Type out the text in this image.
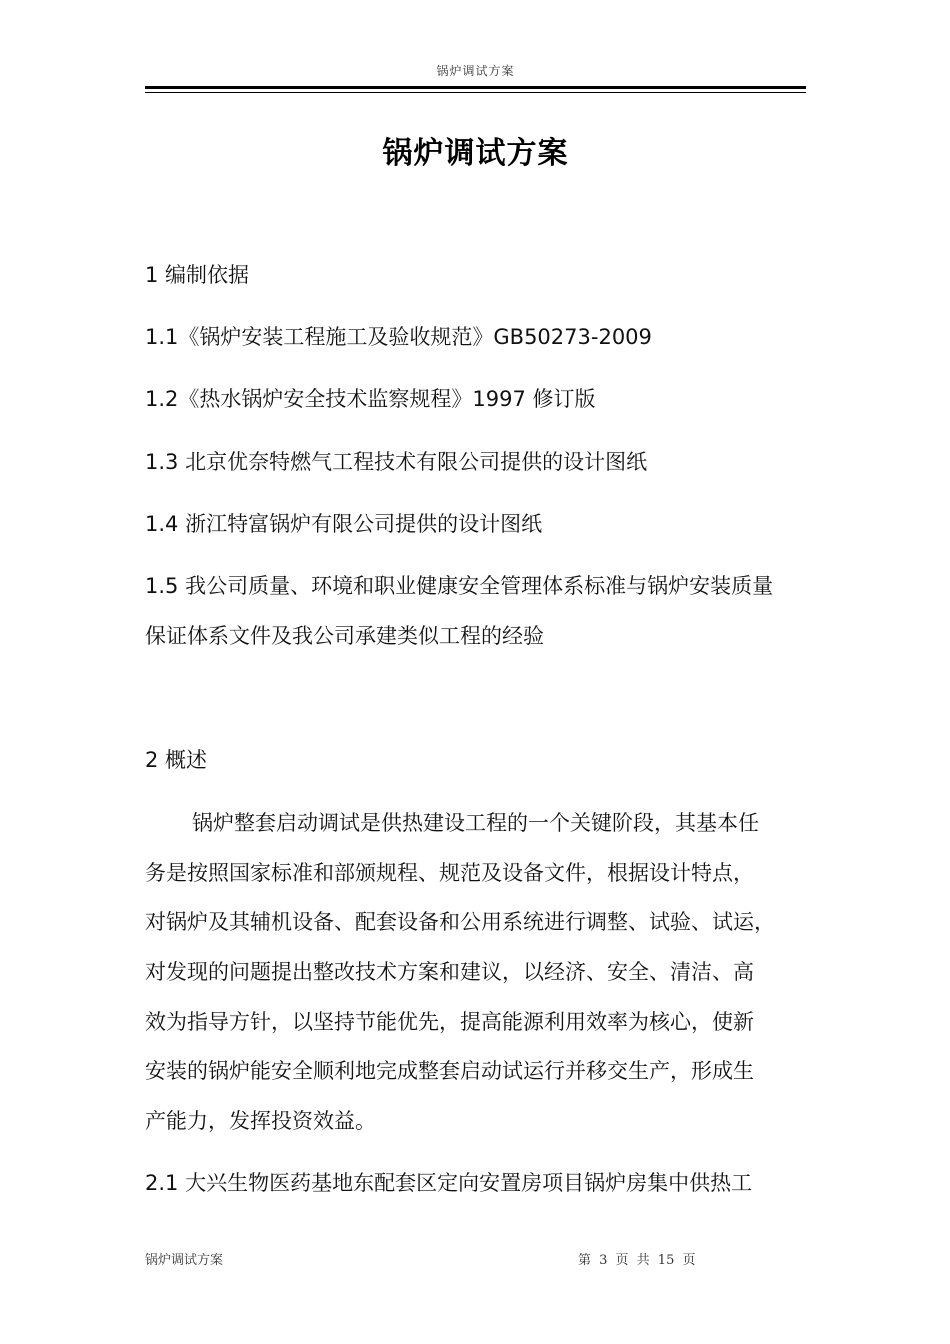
锅炉调试方案
锅炉调试方案
1 编制依据
1.1《锅炉安装工程施工及验收规范》GB50273-2009
1.2《热水锅炉安全技术监察规程》1997 修订版
1.3 北京优奈特燃气工程技术有限公司提供的设计图纸
1.4 浙江特富锅炉有限公司提供的设计图纸
1.5 我公司质量、环境和职业健康安全管理体系标准与锅炉安装质量
保证体系文件及我公司承建类似工程的经验
2 概述
锅炉整套启动调试是供热建设工程的一个关键阶段，其基本任
务是按照国家标准和部颁规程、规范及设备文件，根据设计特点，
对锅炉及其辅机设备、配套设备和公用系统进行调整、试验、试运，
对发现的问题提出整改技术方案和建议，以经济、安全、清洁、高
效为指导方针，以坚持节能优先，提高能源利用效率为核心，使新
安装的锅炉能安全顺利地完成整套启动试运行并移交生产，形成生
产能力，发挥投资效益。
2.1 大兴生物医药基地东配套区定向安置房项目锅炉房集中供热工
锅炉调试方案	第 3 页 共 15 页
